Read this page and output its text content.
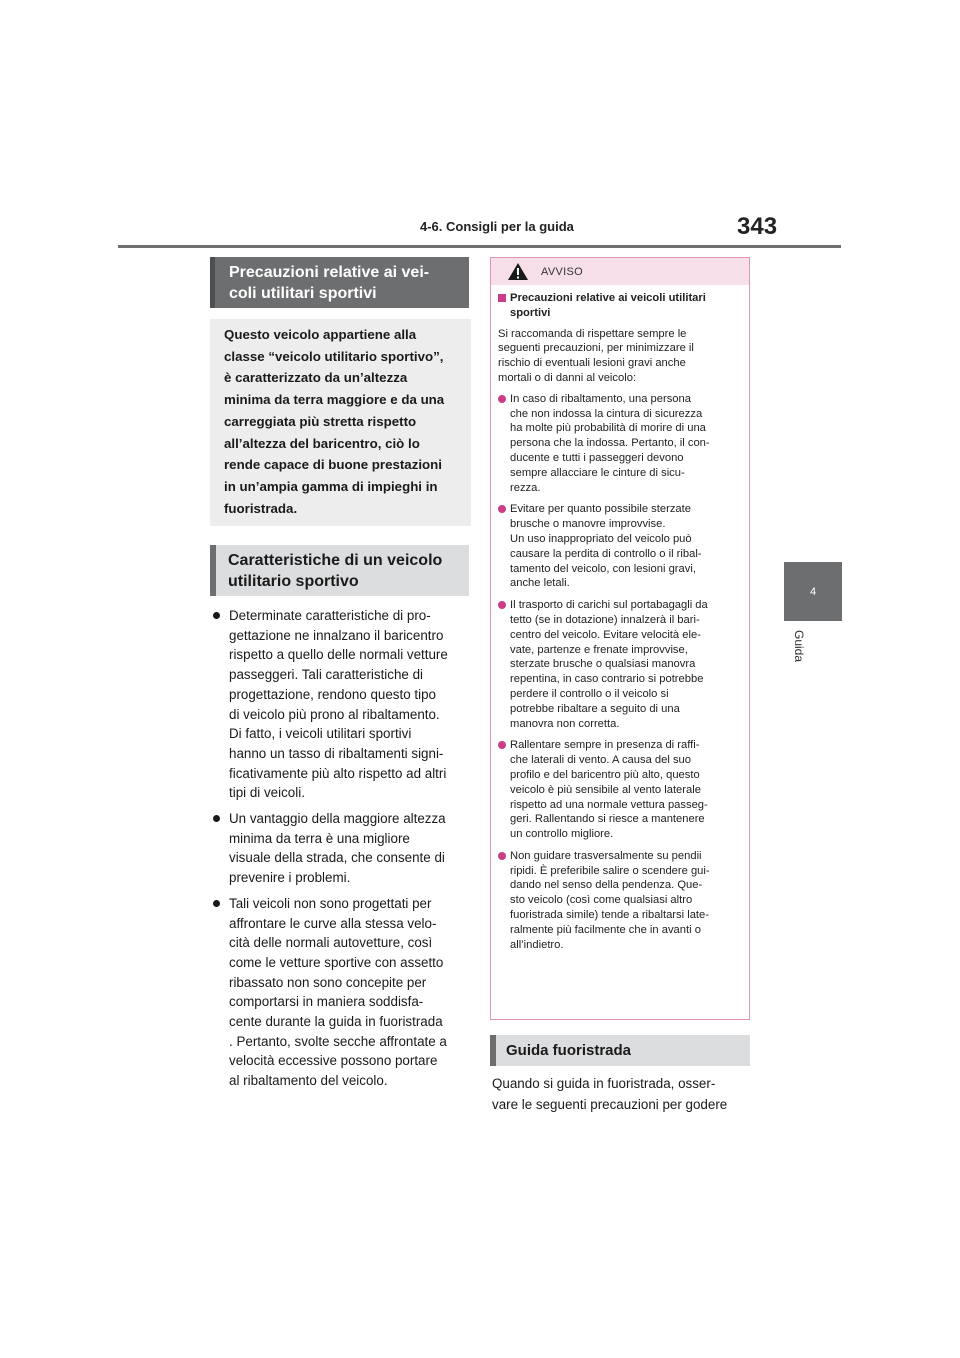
4-6. Consigli per la guida	343
4
Guida
Precauzioni relative ai vei-
coli utilitari sportivi
Questo veicolo appartiene alla
classe “veicolo utilitario sportivo”,
è caratterizzato da un’altezza
minima da terra maggiore e da una
carreggiata più stretta rispetto
all’altezza del baricentro, ciò lo
rende capace di buone prestazioni
in un’ampia gamma di impieghi in
fuoristrada.
Caratteristiche di un veicolo
utilitario sportivo
Determinate caratteristiche di pro-
gettazione ne innalzano il baricentro
rispetto a quello delle normali vetture
passeggeri. Tali caratteristiche di
progettazione, rendono questo tipo
di veicolo più prono al ribaltamento.
Di fatto, i veicoli utilitari sportivi
hanno un tasso di ribaltamenti signi-
ficativamente più alto rispetto ad altri
tipi di veicoli.
Un vantaggio della maggiore altezza
minima da terra è una migliore
visuale della strada, che consente di
prevenire i problemi.
Tali veicoli non sono progettati per
affrontare le curve alla stessa velo-
cità delle normali autovetture, così
come le vetture sportive con assetto
ribassato non sono concepite per
comportarsi in maniera soddisfa-
cente durante la guida in fuoristrada
. Pertanto, svolte secche affrontate a
velocità eccessive possono portare
al ribaltamento del veicolo.
AVVISO
Precauzioni relative ai veicoli utilitari
sportivi
Si raccomanda di rispettare sempre le
seguenti precauzioni, per minimizzare il
rischio di eventuali lesioni gravi anche
mortali o di danni al veicolo:
In caso di ribaltamento, una persona
che non indossa la cintura di sicurezza
ha molte più probabilità di morire di una
persona che la indossa. Pertanto, il con-
ducente e tutti i passeggeri devono
sempre allacciare le cinture di sicu-
rezza.
Evitare per quanto possibile sterzate
brusche o manovre improvvise.
Un uso inappropriato del veicolo può
causare la perdita di controllo o il ribal-
tamento del veicolo, con lesioni gravi,
anche letali.
Il trasporto di carichi sul portabagagli da
tetto (se in dotazione) innalzerà il bari-
centro del veicolo. Evitare velocità ele-
vate, partenze e frenate improvvise,
sterzate brusche o qualsiasi manovra
repentina, in caso contrario si potrebbe
perdere il controllo o il veicolo si
potrebbe ribaltare a seguito di una
manovra non corretta.
Rallentare sempre in presenza di raffi-
che laterali di vento. A causa del suo
profilo e del baricentro più alto, questo
veicolo è più sensibile al vento laterale
rispetto ad una normale vettura passeg-
geri. Rallentando si riesce a mantenere
un controllo migliore.
Non guidare trasversalmente su pendii
ripidi. È preferibile salire o scendere gui-
dando nel senso della pendenza. Que-
sto veicolo (così come qualsiasi altro
fuoristrada simile) tende a ribaltarsi late-
ralmente più facilmente che in avanti o
all’indietro.
Guida fuoristrada
Quando si guida in fuoristrada, osser-
vare le seguenti precauzioni per godere
